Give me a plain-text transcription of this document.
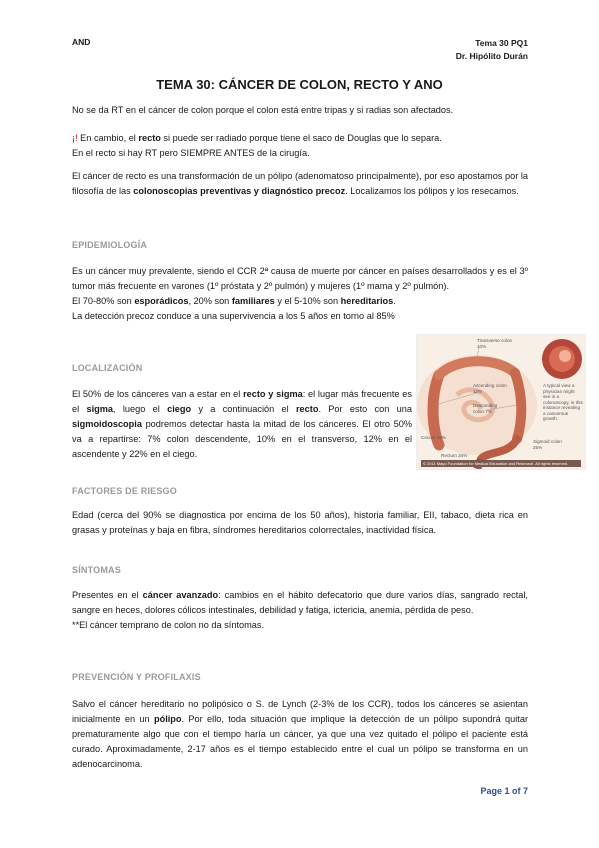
AND	Tema 30 PQ1
Dr. Hipólito Durán
TEMA 30: CÁNCER DE COLON, RECTO Y ANO

No se da RT en el cáncer de colon porque el colon está entre tripas y si radias son afectados.

¡! En cambio, el recto si puede ser radiado porque tiene el saco de Douglas que lo separa.
En el recto si hay RT pero SIEMPRE ANTES de la cirugía.

El cáncer de recto es una transformación de un pólipo (adenomatoso principalmente), por eso apostamos por la filosofía de las colonoscopias preventivas y diagnóstico precoz. Localizamos los pólipos y los resecamos.

EPIDEMIOLOGÍA

Es un cáncer muy prevalente, siendo el CCR 2ª causa de muerte por cáncer en países desarrollados y es el 3º tumor más frecuente en varones (1º próstata y 2º pulmón) y mujeres (1º mama y 2º pulmón).
El 70-80% son esporádicos, 20% son familiares y el 5-10% son hereditarios.
La detección precoz conduce a una supervivencia a los 5 años en torno al 85%

LOCALIZACIÓN

El 50% de los cánceres van a estar en el recto y sigma: el lugar más frecuente es el sigma, luego el ciego y a continuación el recto. Por esto con una sigmoidoscopia podremos detectar hasta la mitad de los cánceres. El otro 50% va a repartirse: 7% colon descendente, 10% en el transverso, 12% en el ascendente y 22% en el ciego.

Transverse colon 10%
Ascending colon 12%
Descending colon 7%
Cecum 22%
Rectum 34%
Sigmoid colon 25%
A typical view a physician might see in a colonoscopy, in this instance revealing a cancerous growth.
© 2011 Mayo Foundation for Medical Education and Research. All rights reserved.
FACTORES DE RIESGO

Edad (cerca del 90% se diagnostica por encima de los 50 años), historia familiar, EII, tabaco, dieta rica en grasas y proteínas y baja en fibra, síndromes hereditarios colorrectales, inactividad física.

SÍNTOMAS

Presentes en el cáncer avanzado: cambios en el hábito defecatorio que dure varios días, sangrado rectal, sangre en heces, dolores cólicos intestinales, debilidad y fatiga, ictericia, anemia, pérdida de peso.
**El cáncer temprano de colon no da síntomas.

PREVENCIÓN Y PROFILAXIS

Salvo el cáncer hereditario no polipósico o S. de Lynch (2-3% de los CCR), todos los cánceres se asientan inicialmente en un pólipo. Por ello, toda situación que implique la detección de un pólipo supondrá quitar prematuramente algo que con el tiempo haría un cáncer, ya que una vez quitado el pólipo el paciente está curado. Aproximadamente, 2-17 años es el tiempo establecido entre el cual un pólipo se transforma en un adenocarcinoma.

Page 1 of 7
